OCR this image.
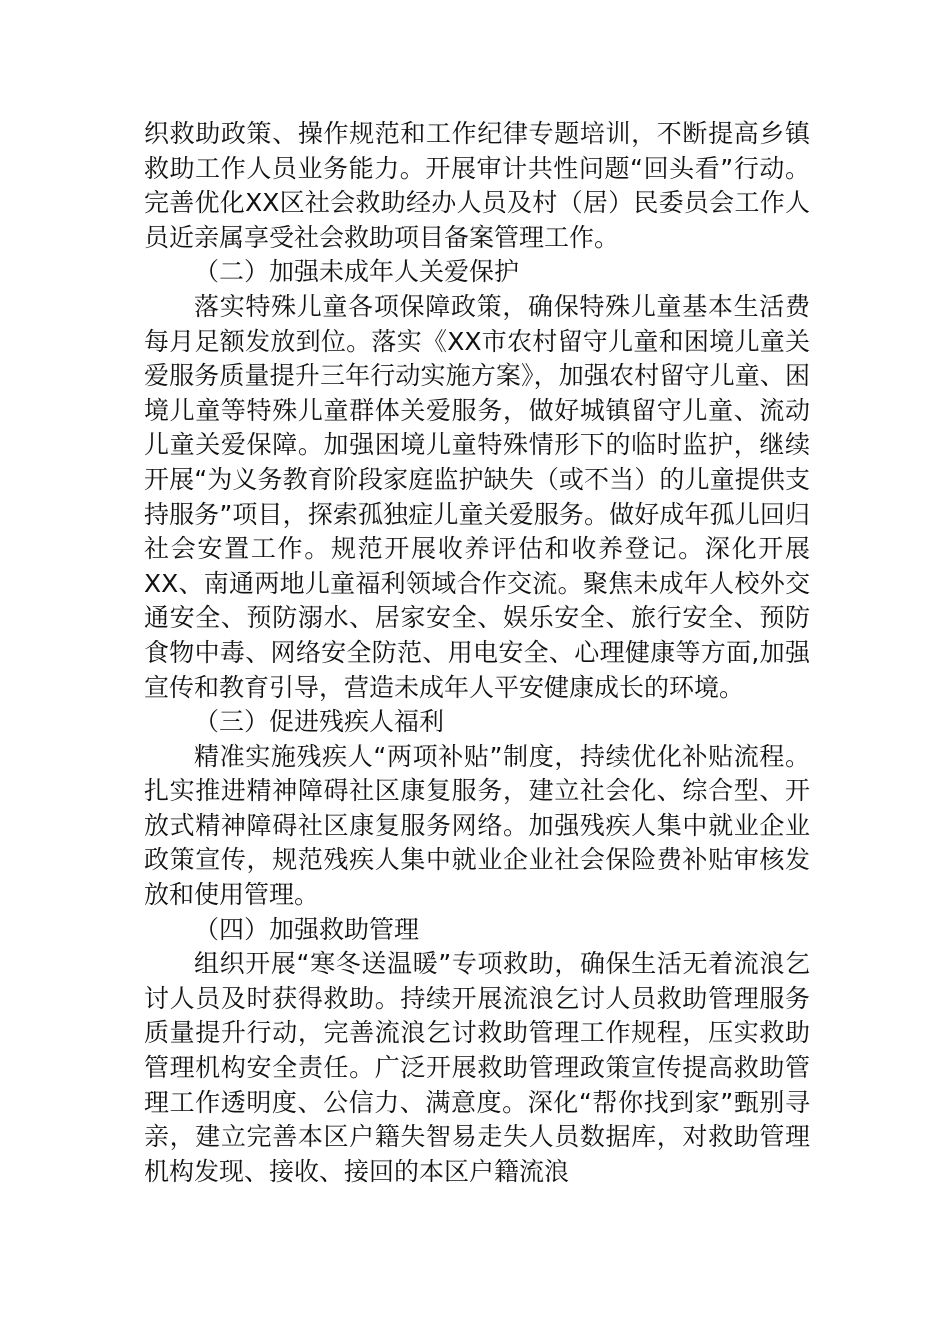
织救助政策、操作规范和工作纪律专题培训，不断提高乡镇救助工作人员业务能力。开展审计共性问题“回头看”行动。完善优化XX区社会救助经办人员及村（居）民委员会工作人员近亲属享受社会救助项目备案管理工作。

（二）加强未成年人关爱保护

落实特殊儿童各项保障政策，确保特殊儿童基本生活费每月足额发放到位。落实《XX市农村留守儿童和困境儿童关爱服务质量提升三年行动实施方案》，加强农村留守儿童、困境儿童等特殊儿童群体关爱服务，做好城镇留守儿童、流动儿童关爱保障。加强困境儿童特殊情形下的临时监护，继续开展“为义务教育阶段家庭监护缺失（或不当）的儿童提供支持服务”项目，探索孤独症儿童关爱服务。做好成年孤儿回归社会安置工作。规范开展收养评估和收养登记。深化开展XX、南通两地儿童福利领域合作交流。聚焦未成年人校外交通安全、预防溺水、居家安全、娱乐安全、旅行安全、预防食物中毒、网络安全防范、用电安全、心理健康等方面,加强宣传和教育引导，营造未成年人平安健康成长的环境。

（三）促进残疾人福利

精准实施残疾人“两项补贴”制度，持续优化补贴流程。扎实推进精神障碍社区康复服务，建立社会化、综合型、开放式精神障碍社区康复服务网络。加强残疾人集中就业企业政策宣传，规范残疾人集中就业企业社会保险费补贴审核发放和使用管理。

（四）加强救助管理

组织开展“寒冬送温暖”专项救助，确保生活无着流浪乞讨人员及时获得救助。持续开展流浪乞讨人员救助管理服务质量提升行动，完善流浪乞讨救助管理工作规程，压实救助管理机构安全责任。广泛开展救助管理政策宣传提高救助管理工作透明度、公信力、满意度。深化“帮你找到家”甄别寻亲，建立完善本区户籍失智易走失人员数据库，对救助管理机构发现、接收、接回的本区户籍流浪
